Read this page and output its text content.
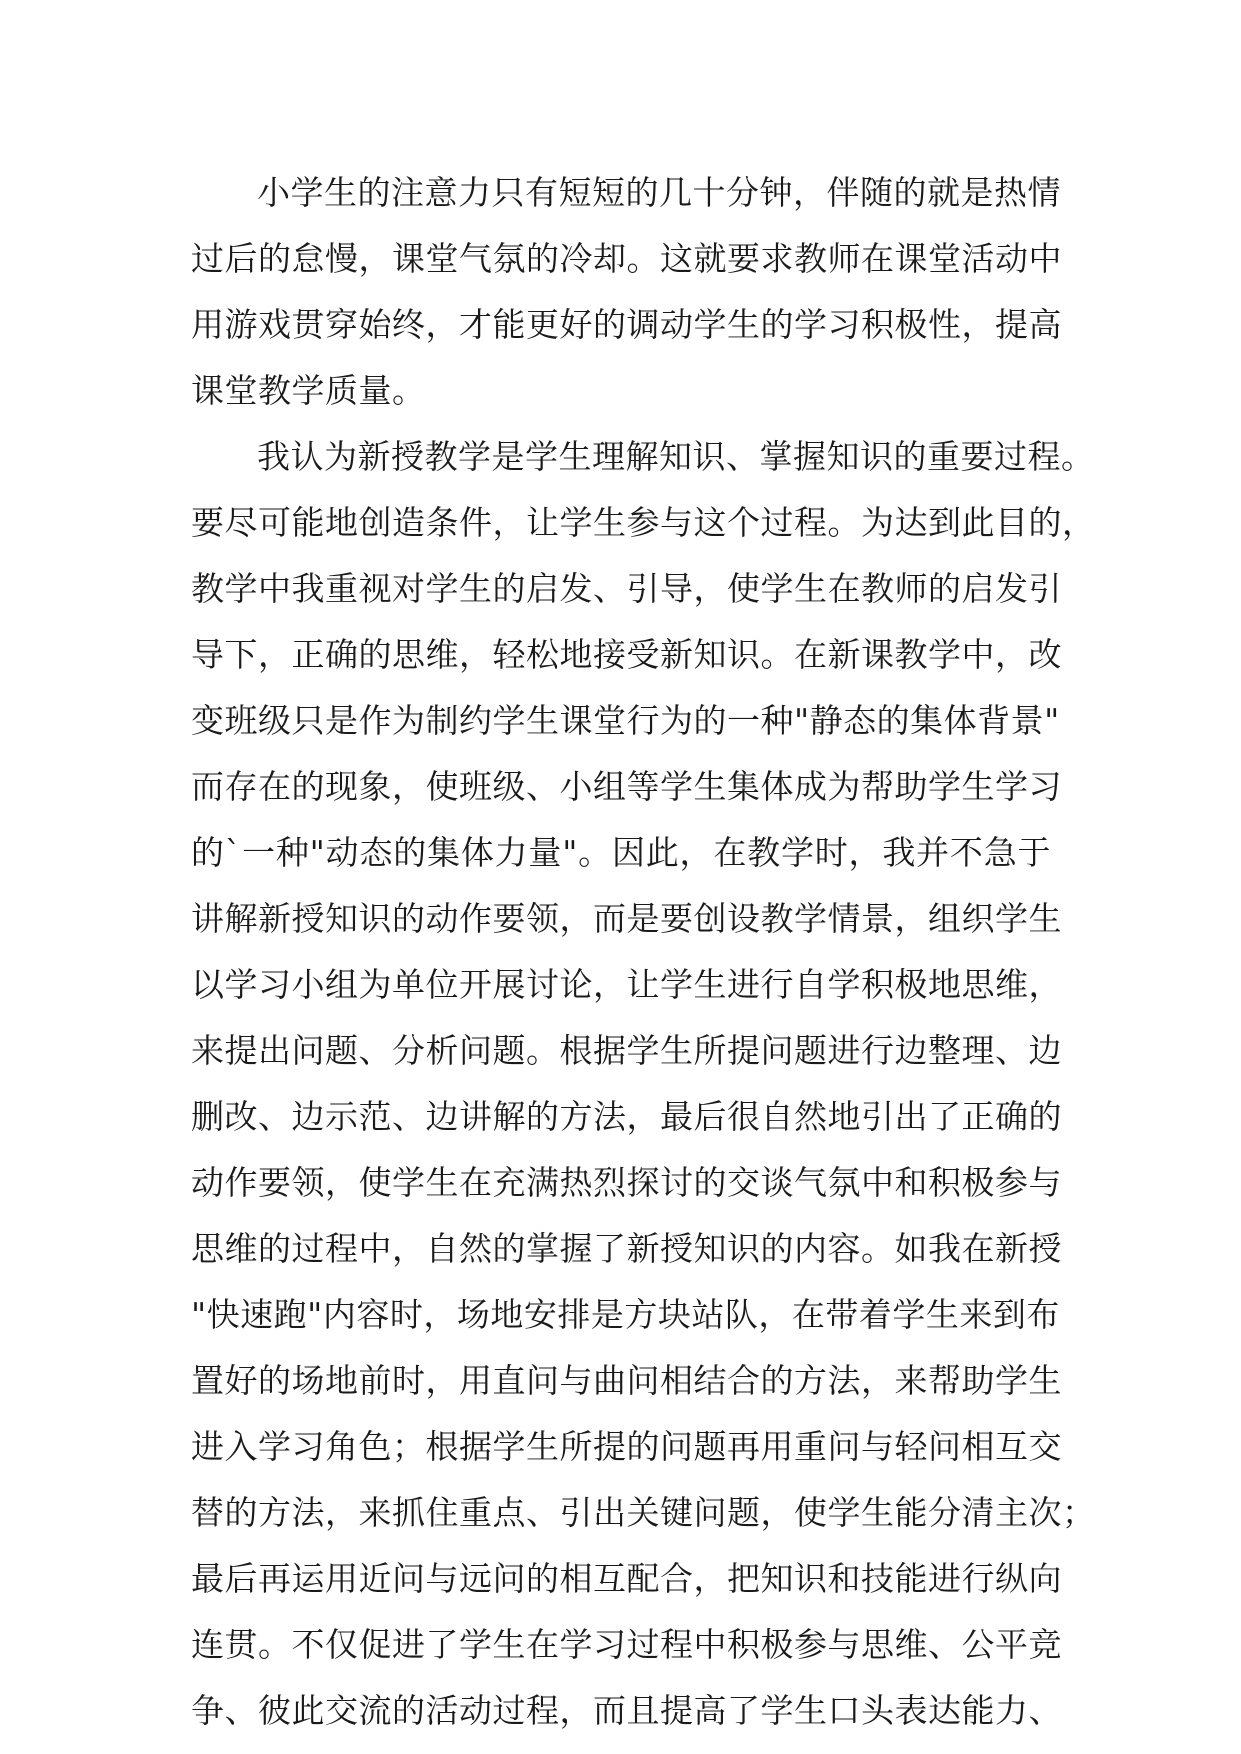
小学生的注意力只有短短的几十分钟，伴随的就是热情
过后的怠慢，课堂气氛的冷却。这就要求教师在课堂活动中
用游戏贯穿始终，才能更好的调动学生的学习积极性，提高
课堂教学质量。
我认为新授教学是学生理解知识、掌握知识的重要过程。
要尽可能地创造条件，让学生参与这个过程。为达到此目的，
教学中我重视对学生的启发、引导，使学生在教师的启发引
导下，正确的思维，轻松地接受新知识。在新课教学中，改
变班级只是作为制约学生课堂行为的一种"静态的集体背景"
而存在的现象，使班级、小组等学生集体成为帮助学生学习
的`一种"动态的集体力量"。因此，在教学时，我并不急于
讲解新授知识的动作要领，而是要创设教学情景，组织学生
以学习小组为单位开展讨论，让学生进行自学积极地思维，
来提出问题、分析问题。根据学生所提问题进行边整理、边
删改、边示范、边讲解的方法，最后很自然地引出了正确的
动作要领，使学生在充满热烈探讨的交谈气氛中和积极参与
思维的过程中，自然的掌握了新授知识的内容。如我在新授
"快速跑"内容时，场地安排是方块站队，在带着学生来到布
置好的场地前时，用直问与曲问相结合的方法，来帮助学生
进入学习角色；根据学生所提的问题再用重问与轻问相互交
替的方法，来抓住重点、引出关键问题，使学生能分清主次；
最后再运用近问与远问的相互配合，把知识和技能进行纵向
连贯。不仅促进了学生在学习过程中积极参与思维、公平竞
争、彼此交流的活动过程，而且提高了学生口头表达能力、
